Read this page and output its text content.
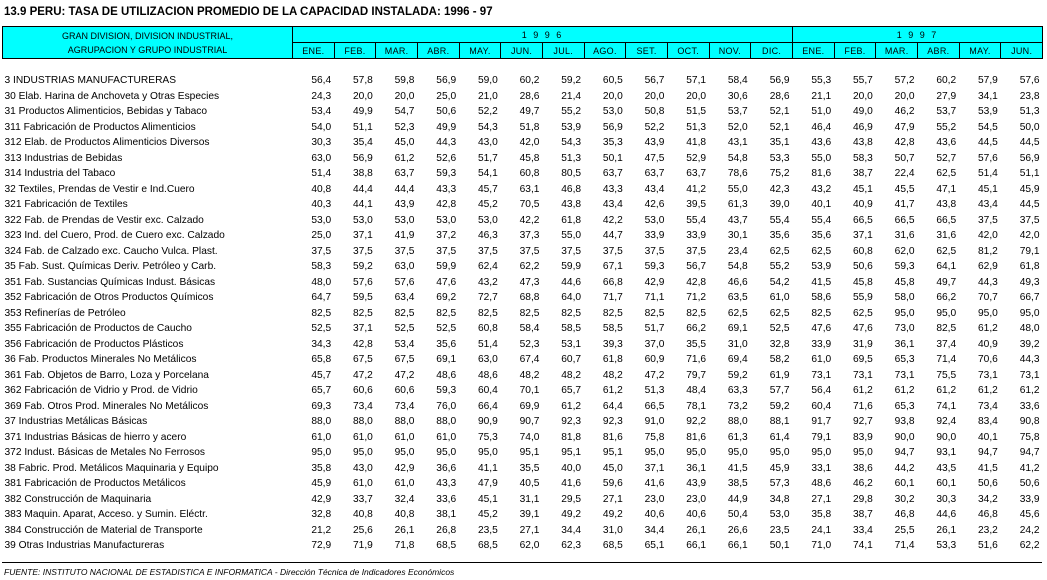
13.9 PERU: TASA DE UTILIZACION PROMEDIO DE LA CAPACIDAD INSTALADA: 1996 - 97
GRAN DIVISION, DIVISION INDUSTRIAL,
AGRUPACION Y GRUPO INDUSTRIAL	1 9 9 6												1 9 9 7					
	ENE.	FEB.	MAR.	ABR.	MAY.	JUN.	JUL.	AGO.	SET.	OCT.	NOV.	DIC.	ENE.	FEB.	MAR.	ABR.	MAY.	JUN.

3 INDUSTRIAS MANUFACTURERAS	56,4	57,8	59,8	56,9	59,0	60,2	59,2	60,5	56,7	57,1	58,4	56,9	55,3	55,7	57,2	60,2	57,9	57,6
30 Elab. Harina de Anchoveta y Otras Especies	24,3	20,0	20,0	25,0	21,0	28,6	21,4	20,0	20,0	20,0	30,6	28,6	21,1	20,0	20,0	27,9	34,1	23,8
31 Productos Alimenticios, Bebidas y Tabaco	53,4	49,9	54,7	50,6	52,2	49,7	55,2	53,0	50,8	51,5	53,7	52,1	51,0	49,0	46,2	53,7	53,9	51,3
311 Fabricación de Productos Alimenticios	54,0	51,1	52,3	49,9	54,3	51,8	53,9	56,9	52,2	51,3	52,0	52,1	46,4	46,9	47,9	55,2	54,5	50,0
312 Elab. de Productos Alimenticios Diversos	30,3	35,4	45,0	44,3	43,0	42,0	54,3	35,3	43,9	41,8	43,1	35,1	43,6	43,8	42,8	43,6	44,5	44,5
313 Industrias de Bebidas	63,0	56,9	61,2	52,6	51,7	45,8	51,3	50,1	47,5	52,9	54,8	53,3	55,0	58,3	50,7	52,7	57,6	56,9
314 Industria del Tabaco	51,4	38,8	63,7	59,3	54,1	60,8	80,5	63,7	63,7	63,7	78,6	75,2	81,6	38,7	22,4	62,5	51,4	51,1
32 Textiles, Prendas de Vestir e Ind.Cuero	40,8	44,4	44,4	43,3	45,7	63,1	46,8	43,3	43,4	41,2	55,0	42,3	43,2	45,1	45,5	47,1	45,1	45,9
321 Fabricación de Textiles	40,3	44,1	43,9	42,8	45,2	70,5	43,8	43,4	42,6	39,5	61,3	39,0	40,1	40,9	41,7	43,8	43,4	44,5
322 Fab. de Prendas de Vestir exc. Calzado	53,0	53,0	53,0	53,0	53,0	42,2	61,8	42,2	53,0	55,4	43,7	55,4	55,4	66,5	66,5	66,5	37,5	37,5
323 Ind. del Cuero, Prod. de Cuero exc. Calzado	25,0	37,1	41,9	37,2	46,3	37,3	55,0	44,7	33,9	33,9	30,1	35,6	35,6	37,1	31,6	31,6	42,0	42,0
324 Fab. de Calzado exc. Caucho Vulca. Plast.	37,5	37,5	37,5	37,5	37,5	37,5	37,5	37,5	37,5	37,5	23,4	62,5	62,5	60,8	62,0	62,5	81,2	79,1
35 Fab. Sust. Químicas Deriv. Petróleo y Carb.	58,3	59,2	63,0	59,9	62,4	62,2	59,9	67,1	59,3	56,7	54,8	55,2	53,9	50,6	59,3	64,1	62,9	61,8
351 Fab. Sustancias Químicas Indust. Básicas	48,0	57,6	57,6	47,6	43,2	47,3	44,6	66,8	42,9	42,8	46,6	54,2	41,5	45,8	45,8	49,7	44,3	49,3
352 Fabricación de Otros Productos Químicos	64,7	59,5	63,4	69,2	72,7	68,8	64,0	71,7	71,1	71,2	63,5	61,0	58,6	55,9	58,0	66,2	70,7	66,7
353 Refinerías de Petróleo	82,5	82,5	82,5	82,5	82,5	82,5	82,5	82,5	82,5	82,5	62,5	62,5	82,5	62,5	95,0	95,0	95,0	95,0
355 Fabricación de Productos de Caucho	52,5	37,1	52,5	52,5	60,8	58,4	58,5	58,5	51,7	66,2	69,1	52,5	47,6	47,6	73,0	82,5	61,2	48,0
356 Fabricación de Productos Plásticos	34,3	42,8	53,4	35,6	51,4	52,3	53,1	39,3	37,0	35,5	31,0	32,8	33,9	31,9	36,1	37,4	40,9	39,2
36 Fab. Productos Minerales No Metálicos	65,8	67,5	67,5	69,1	63,0	67,4	60,7	61,8	60,9	71,6	69,4	58,2	61,0	69,5	65,3	71,4	70,6	44,3
361 Fab. Objetos de Barro, Loza y Porcelana	45,7	47,2	47,2	48,6	48,6	48,2	48,2	48,2	47,2	79,7	59,2	61,9	73,1	73,1	73,1	75,5	73,1	73,1
362 Fabricación de Vidrio y Prod. de Vidrio	65,7	60,6	60,6	59,3	60,4	70,1	65,7	61,2	51,3	48,4	63,3	57,7	56,4	61,2	61,2	61,2	61,2	61,2
369 Fab. Otros Prod. Minerales No Metálicos	69,3	73,4	73,4	76,0	66,4	69,9	61,2	64,4	66,5	78,1	73,2	59,2	60,4	71,6	65,3	74,1	73,4	33,6
37 Industrias Metálicas Básicas	88,0	88,0	88,0	88,0	90,9	90,7	92,3	92,3	91,0	92,2	88,0	88,1	91,7	92,7	93,8	92,4	83,4	90,8
371 Industrias Básicas de hierro y acero	61,0	61,0	61,0	61,0	75,3	74,0	81,8	81,6	75,8	81,6	61,3	61,4	79,1	83,9	90,0	90,0	40,1	75,8
372 Indust. Básicas de Metales No Ferrosos	95,0	95,0	95,0	95,0	95,0	95,1	95,1	95,1	95,0	95,0	95,0	95,0	95,0	95,0	94,7	93,1	94,7	94,7
38 Fabric. Prod. Metálicos Maquinaria y Equipo	35,8	43,0	42,9	36,6	41,1	35,5	40,0	45,0	37,1	36,1	41,5	45,9	33,1	38,6	44,2	43,5	41,5	41,2
381 Fabricación de Productos Metálicos	45,9	61,0	61,0	43,3	47,9	40,5	41,6	59,6	41,6	43,9	38,5	57,3	48,6	46,2	60,1	60,1	50,6	50,6
382 Construcción de Maquinaria	42,9	33,7	32,4	33,6	45,1	31,1	29,5	27,1	23,0	23,0	44,9	34,8	27,1	29,8	30,2	30,3	34,2	33,9
383 Maquin. Aparat, Acceso. y Sumin. Eléctr.	32,8	40,8	40,8	38,1	45,2	39,1	49,2	49,2	40,6	40,6	50,4	53,0	35,8	38,7	46,8	44,6	46,8	45,6
384 Construcción de Material de Transporte	21,2	25,6	26,1	26,8	23,5	27,1	34,4	31,0	34,4	26,1	26,6	23,5	24,1	33,4	25,5	26,1	23,2	24,2
39 Otras Industrias Manufactureras	72,9	71,9	71,8	68,5	68,5	62,0	62,3	68,5	65,1	66,1	66,1	50,1	71,0	74,1	71,4	53,3	51,6	62,2
FUENTE: INSTITUTO NACIONAL DE ESTADISTICA E INFORMATICA - Dirección Técnica de Indicadores Económicos
